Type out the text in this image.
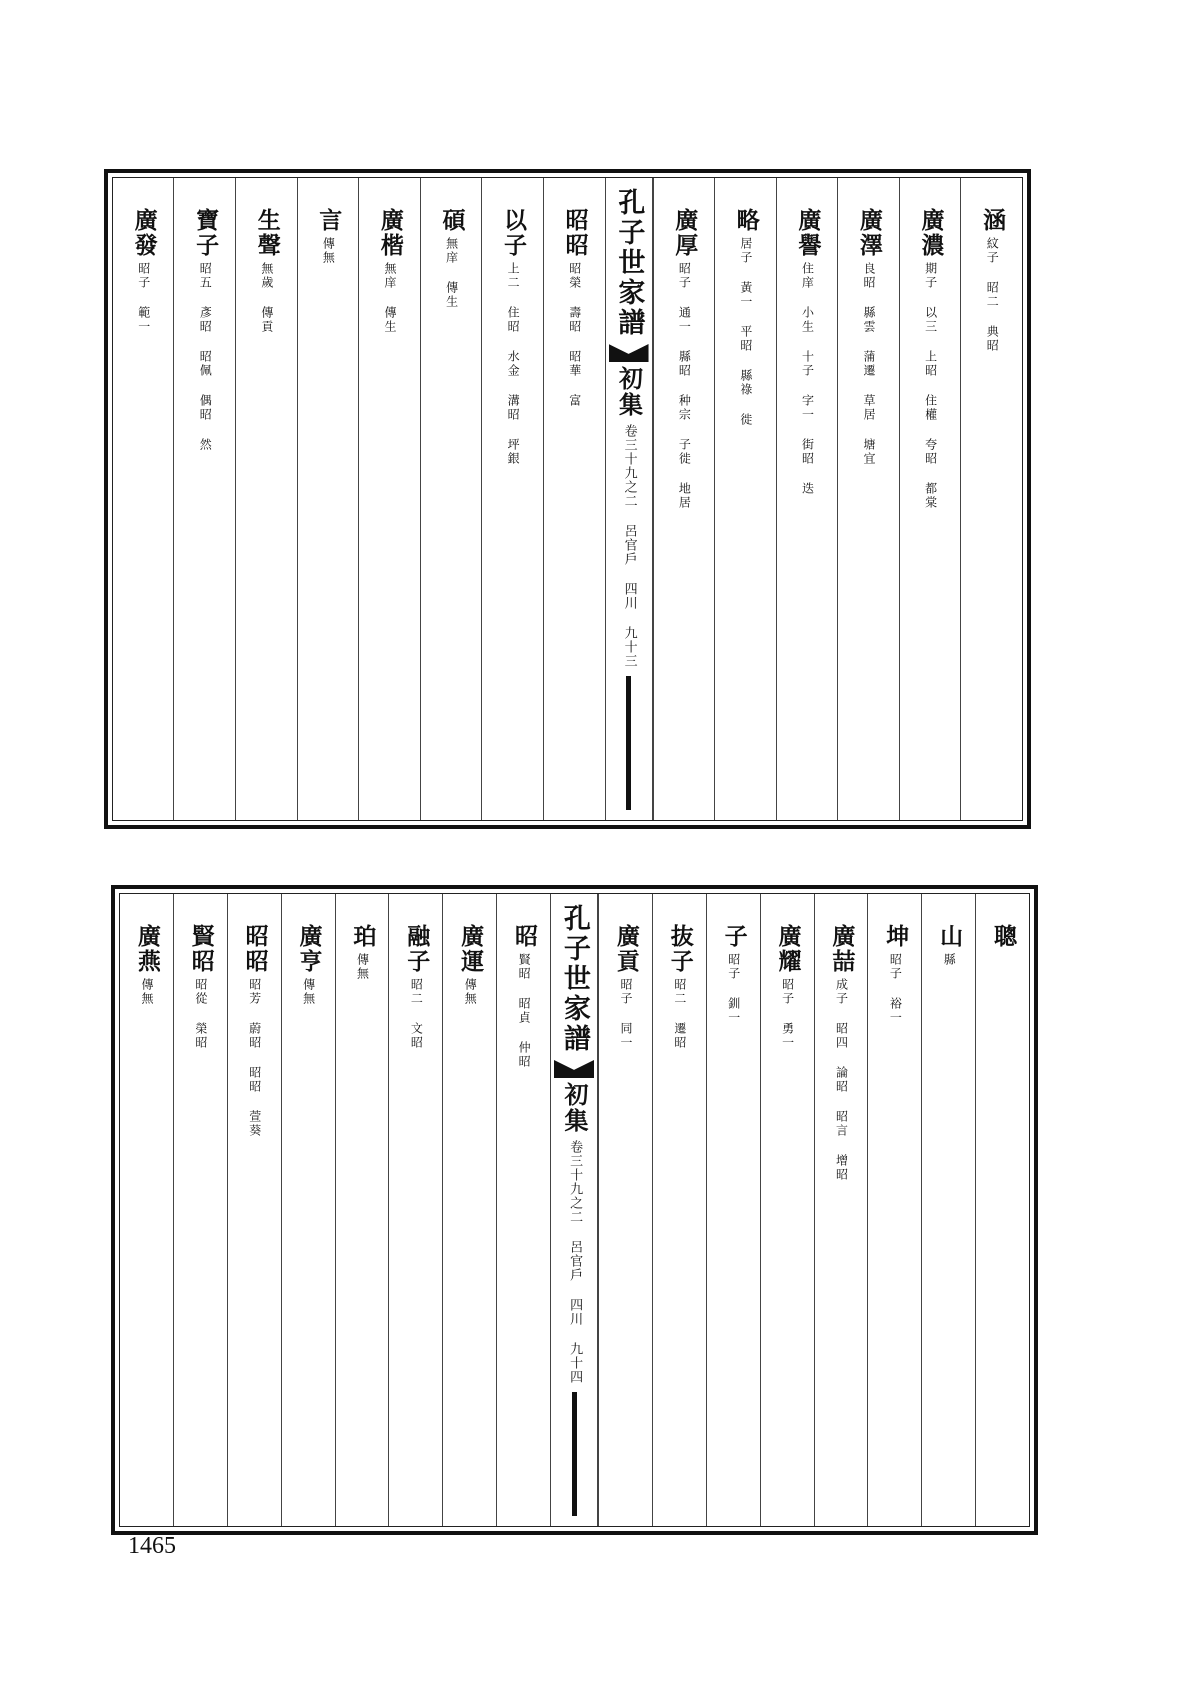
涵
紋子 昭二 典昭
廣濃
期子 以三 上昭 住權 夸昭 都棠
廣澤
良昭 縣雲 蒲遷 草居 塘宜
廣譽
住庠 小生 十子 字一 街昭 迭
略
居子 黃一 平昭 縣祿 徙
廣厚
昭子 通一 縣昭 种宗 子徙 地居
孔子世家譜
初集
卷三十九之二 呂官戶 四川 九十三
昭昭
昭榮 壽昭 昭華 富
以子
上二 住昭 水金 溝昭 坪銀
碩
無庠 傳生
廣楷
無庠 傳生
言
傳無
生聲
無歲 傳貢
寶子
昭五 彥昭 昭佩 偶昭 然
廣發
昭子 範一
聰
山
縣
坤
昭子 裕一
廣喆
成子 昭四 論昭 昭言 增昭
廣耀
昭子 勇一
子
昭子 釧一
抜子
昭二 遷昭
廣貢
昭子 同一
孔子世家譜
初集
卷三十九之二 呂官戶 四川 九十四
昭
賢昭 昭貞 仲昭
廣運
傳無
融子
昭二 文昭
珀
傳無
廣亨
傳無
昭昭
昭芳 蔚昭 昭昭 萱葵
賢昭
昭從 榮昭
廣燕
傳無
1465
